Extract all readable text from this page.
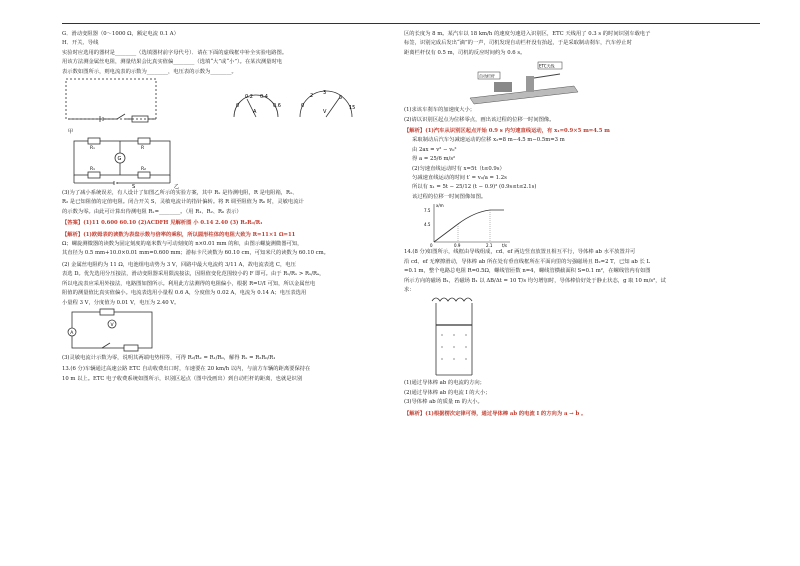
G．滑动变阻器（0～1000 Ω，额定电流 0.1 A）

H．开关、导线

实验时应选用的器材是________（选填器材前字母代号）．请在下面的虚线框中补全实验电路图。

用该方法测金属丝电阻，测量结果会比真实值偏________（选填“大”或“小”）。在某次测量时电

表示数如图所示，则电流表的示数为________，电压表的示数为________。

0
0.2 0.4
0.6
A
0
2 3
5
15
V
甲
G
Rₓ	R
R₁	R₂
S	乙

(3)为了减小系统误差，有人设计了如图乙所示的实验方案，其中 Rₓ 是待测电阻，R 是电阻箱，R₁、

R₂ 是已知阻值的定值电阻。闭合开关 S，灵敏电流计的指针偏转。将 R 调至阻值为 R₀ 时，灵敏电流计

的示数为零。由此可计算出待测电阻 Rₓ=________。（用 R₁、R₂、R₀ 表示）

【答案】(1)11 0.600 60.10 (2)ACDFH 见解析图 小 0.14 2.40 (3) R₂R₀/R₁

【解析】(1)欧姆表的读数为表盘示数与倍率的乘积，所以圆形柱体的电阻大致为 R=11×1 Ω=11

Ω；螺旋测微器的读数为固定刻度的毫米数与可动刻度的 n×0.01 mm 的和，由图示螺旋测微器可知，

其直径为 0.5 mm+10.0×0.01 mm=0.600 mm；游标卡尺读数为 60.10 cm，可知米尺的读数为 60.10 cm。

(2) 金属丝电阻约为 11 Ω，电池组电动势为 3 V，回路中最大电流约 3/11 A，故电流表选 C，电压

表选 D。优先选用分压接法，滑动变阻器采用限流接法，因阻值变化范围较小的 F 即可。由于 Rᵥ/Rₓ > Rₓ/Rₐ，

所以电流表应采用外接法，电路图如图所示。利用此方法测得的电阻偏小，根据 R=U/I 可知，所以金属丝电

阻值的测量值比真实值偏小。电流表选用小量程 0.6 A，分度值为 0.02 A，电流为 0.14 A；电压表选用

小量程 3 V，分度值为 0.01 V，电压为 2.40 V。

V
A

(3)灵敏电流计示数为零，说明其两端电势相等，可得 R₂/Rₓ = R₁/R₀，解得 Rₓ = R₂R₀/R₁

13.(6 分)车辆通过高速公路 ETC 自动收费出口时，车速要在 20 km/h 以内，与前方车辆的距离要保持在

10 m 以上。ETC 电子收费系统如图所示，识别区起点（图中没画出）到自动栏杆的距离，也就是识别

区的长度为 8 m。某汽车以 18 km/h 的速度匀速进入识别区，ETC 天线用了 0.3 s 的时间识别车载电子

标签，识别完成后发出“滴”的一声，司机发现自动栏杆没有抬起，于是采取制动刹车，汽车停止时

距离栏杆仅有 0.5 m，司机的反应时间约为 0.6 s。

自动栏杆
ETC天线

(1)求该车刹车的加速度大小；

(2)请以识别区起点为位移零点，画出该过程的位移一时间图像。

【解析】(1)汽车从识别区起点开始 0.9 s 内匀速直线运动，有 x₁=0.9×5 m=4.5 m

采取制动后汽车匀减速运动的位移 x₂=8 m−4.5 m−0.5m=3 m

由 2ax = v² − v₀²

得 a = 25/6 m/s²

(2)匀速直线运动时有 x=5t（t≤0.9s）

匀减速直线运动的时间 t′ = v₀/a = 1.2s

所以有 x₁ = 5t − 25/12 (t − 0.9)² (0.9s≤t≤2.1s)

该过程的位移一时间图像如图。

x/m
7.5
4.5
0	0.9	2.1 t/s

14.(8 分)如图所示，线框由导线组成，cd、ef 两边竖直放置且相互平行，导体棒 ab 水平放置并可

沿 cd、ef 无摩擦滑动，导体棒 ab 所在处有垂直线框所在平面向里的匀强磁场且 B₂=2 T，已知 ab 长 L

=0.1 m，整个电路总电阻 R=0.5Ω，螺线管匝数 n=4，螺线管横截面积 S=0.1 m²，在螺线管内有如图

所示方向的磁场 B₁，若磁场 B₁ 以 ΔB/Δt = 10 T/s 均匀增加时，导体棒恰好处于静止状态，g 取 10 m/s²，试

求：

(1)通过导体棒 ab 的电流的方向；

(2)通过导体棒 ab 的电流 I 的大小；

(3)导体棒 ab 的质量 m 的大小。

【解析】(1)根据楞次定律可得，通过导体棒 ab 的电流 I 的方向为 a → b 。
